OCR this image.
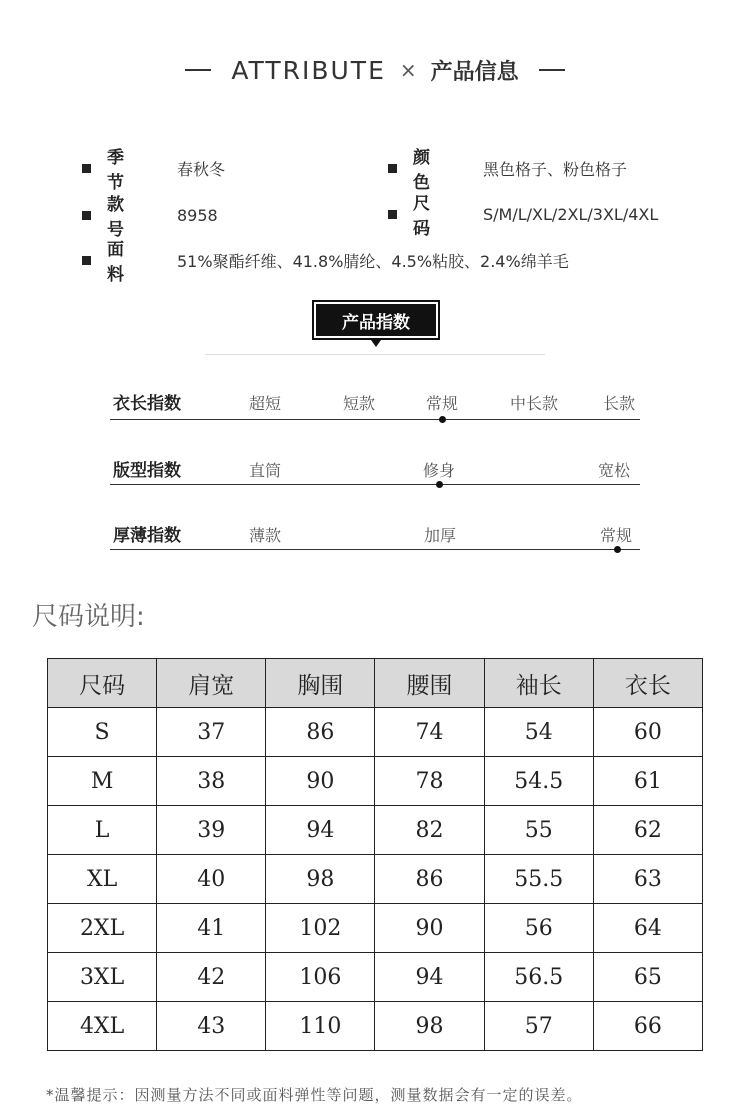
ATTRIBUTE × 产品信息
季 节
春秋冬
颜 色
黑色格子、粉色格子
款 号
8958
尺 码
S/M/L/XL/2XL/3XL/4XL
面 料
51%聚酯纤维、41.8%腈纶、4.5%粘胶、2.4%绵羊毛
产品指数
衣长指数	超短	短款	常规	中长款	长款
版型指数	直筒	修身	宽松
厚薄指数	薄款	加厚	常规
尺码说明:
尺码	肩宽	胸围	腰围	袖长	衣长
S	37	86	74	54	60
M	38	90	78	54.5	61
L	39	94	82	55	62
XL	40	98	86	55.5	63
2XL	41	102	90	56	64
3XL	42	106	94	56.5	65
4XL	43	110	98	57	66
*温馨提示：因测量方法不同或面料弹性等问题，测量数据会有一定的误差。
